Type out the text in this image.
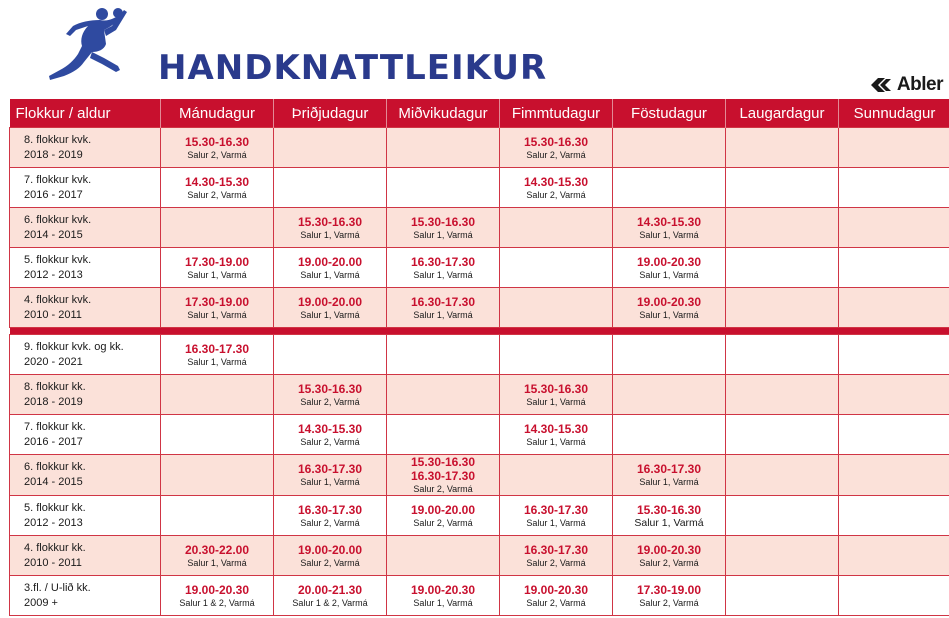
HANDKNATTLEIKUR	Abler
Flokkur / aldur	Mánudagur	Þriðjudagur	Miðvikudagur	Fimmtudagur	Föstudagur	Laugardagur	Sunnudagur

8. flokkur kvk.
2018 - 2019	15.30-16.30
Salur 2, Varmá			15.30-16.30
Salur 2, Varmá			

7. flokkur kvk.
2016 - 2017	14.30-15.30
Salur 2, Varmá			14.30-15.30
Salur 2, Varmá			

6. flokkur kvk.
2014 - 2015		15.30-16.30
Salur 1, Varmá	15.30-16.30
Salur 1, Varmá		14.30-15.30
Salur 1, Varmá		

5. flokkur kvk.
2012 - 2013	17.30-19.00
Salur 1, Varmá	19.00-20.00
Salur 1, Varmá	16.30-17.30
Salur 1, Varmá		19.00-20.30
Salur 1, Varmá		

4. flokkur kvk.
2010 - 2011	17.30-19.00
Salur 1, Varmá	19.00-20.00
Salur 1, Varmá	16.30-17.30
Salur 1, Varmá		19.00-20.30
Salur 1, Varmá		

9. flokkur kvk. og kk.
2020 - 2021	16.30-17.30
Salur 1, Varmá						

8. flokkur kk.
2018 - 2019		15.30-16.30
Salur 2, Varmá		15.30-16.30
Salur 1, Varmá			

7. flokkur kk.
2016 - 2017		14.30-15.30
Salur 2, Varmá		14.30-15.30
Salur 1, Varmá			

6. flokkur kk.
2014 - 2015		16.30-17.30
Salur 1, Varmá	15.30-16.30
16.30-17.30
Salur 2, Varmá		16.30-17.30
Salur 1, Varmá		

5. flokkur kk.
2012 - 2013		16.30-17.30
Salur 2, Varmá	19.00-20.00
Salur 2, Varmá	16.30-17.30
Salur 1, Varmá	15.30-16.30
Salur 1, Varmá		

4. flokkur kk.
2010 - 2011	20.30-22.00
Salur 1, Varmá	19.00-20.00
Salur 2, Varmá		16.30-17.30
Salur 2, Varmá	19.00-20.30
Salur 2, Varmá		

3.fl. / U-lið kk.
2009 +	19.00-20.30
Salur 1 & 2, Varmá	20.00-21.30
Salur 1 & 2, Varmá	19.00-20.30
Salur 1, Varmá	19.00-20.30
Salur 2, Varmá	17.30-19.00
Salur 2, Varmá		
